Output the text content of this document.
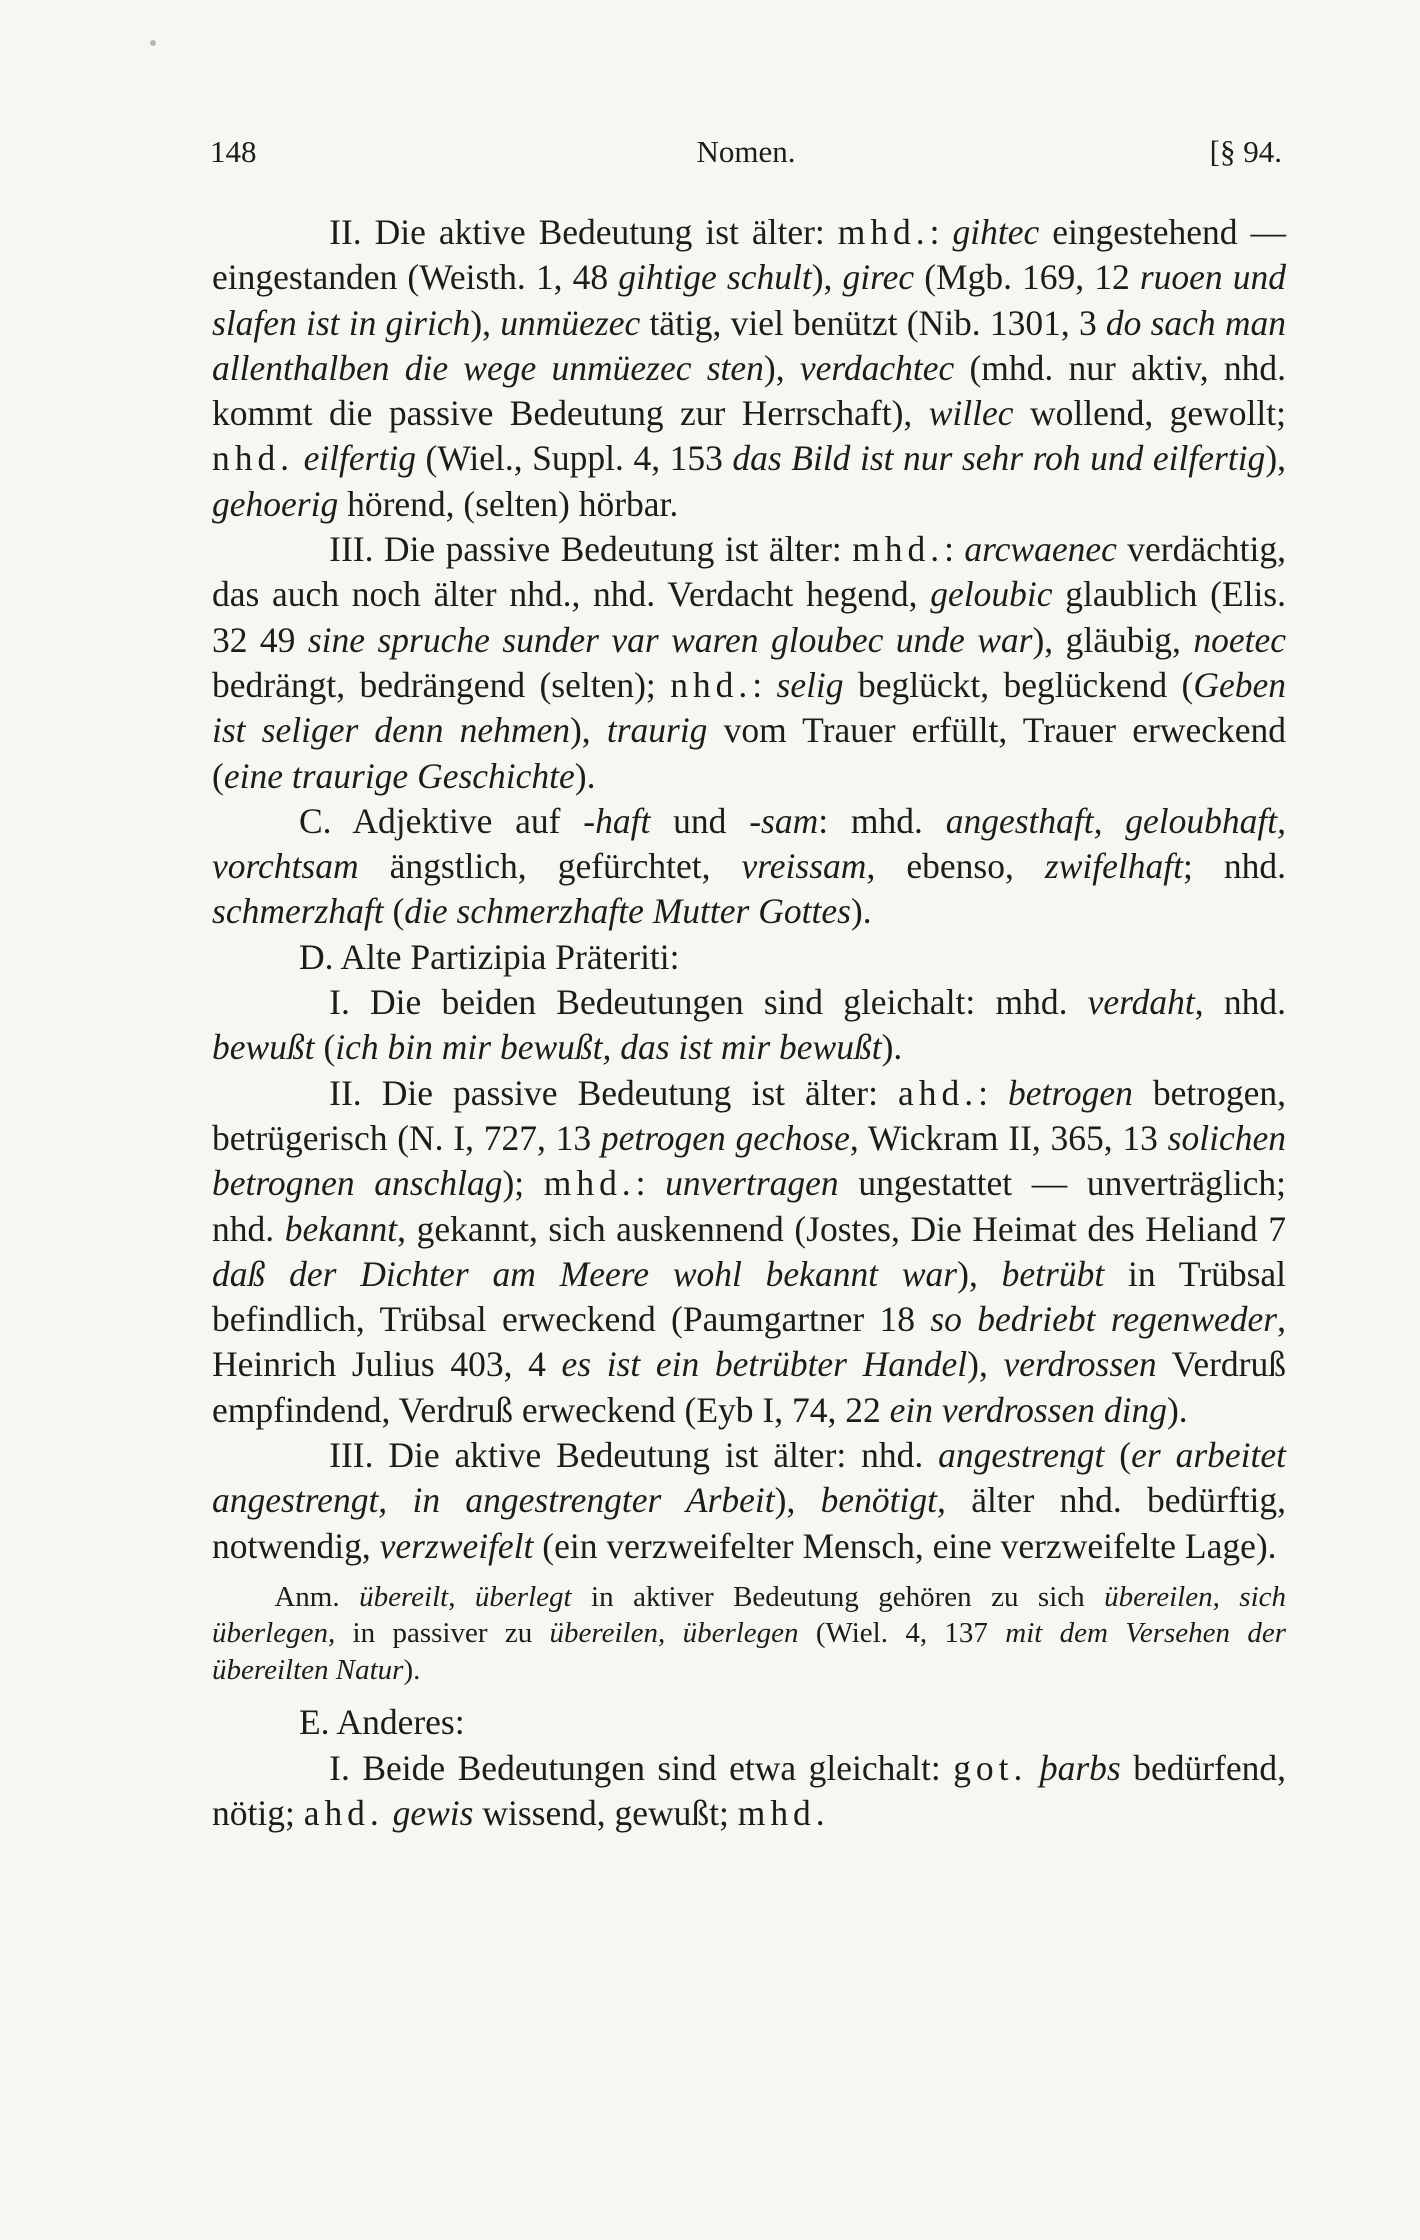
148	Nomen.	[§ 94.

II. Die aktive Bedeutung ist älter: mhd.: gihtec eingestehend —eingestanden (Weisth. 1, 48 gihtige schult), girec (Mgb. 169, 12 ruoen und slafen ist in girich), unmüezec tätig, viel benützt (Nib. 1301, 3 do sach man allenthalben die wege unmüezec sten), verdachtec (mhd. nur aktiv, nhd. kommt die passive Bedeutung zur Herrschaft), willec wollend, gewollt; nhd. eilfertig (Wiel., Suppl. 4, 153 das Bild ist nur sehr roh und eilfertig), gehoerig hörend, (selten) hörbar.

III. Die passive Bedeutung ist älter: mhd.: arcwaenec verdächtig, das auch noch älter nhd., nhd. Verdacht hegend, geloubic glaublich (Elis. 32 49 sine spruche sunder var waren gloubec unde war), gläubig, noetec bedrängt, bedrängend (selten); nhd.: selig beglückt, beglückend (Geben ist seliger denn nehmen), traurig vom Trauer erfüllt, Trauer erweckend (eine traurige Geschichte).

C. Adjektive auf -haft und -sam: mhd. angesthaft, geloubhaft, vorchtsam ängstlich, gefürchtet, vreissam, ebenso, zwifelhaft; nhd. schmerzhaft (die schmerzhafte Mutter Gottes).

D. Alte Partizipia Präteriti:

I. Die beiden Bedeutungen sind gleichalt: mhd. verdaht, nhd. bewußt (ich bin mir bewußt, das ist mir bewußt).

II. Die passive Bedeutung ist älter: ahd.: betrogen betrogen, betrügerisch (N. I, 727, 13 petrogen gechose, Wickram II, 365, 13 solichen betrognen anschlag); mhd.: unvertragen ungestattet — unverträglich; nhd. bekannt, gekannt, sich auskennend (Jostes, Die Heimat des Heliand 7 daß der Dichter am Meere wohl bekannt war), betrübt in Trübsal befindlich, Trübsal erweckend (Paumgartner 18 so bedriebt regenweder, Heinrich Julius 403, 4 es ist ein betrübter Handel), verdrossen Verdruß empfindend, Verdruß erweckend (Eyb I, 74, 22 ein verdrossen ding).

III. Die aktive Bedeutung ist älter: nhd. angestrengt (er arbeitet angestrengt, in angestrengter Arbeit), benötigt, älter nhd. bedürftig, notwendig, verzweifelt (ein verzweifelter Mensch, eine verzweifelte Lage).

Anm. übereilt, überlegt in aktiver Bedeutung gehören zu sich übereilen, sich überlegen, in passiver zu übereilen, überlegen (Wiel. 4, 137 mit dem Versehen der übereilten Natur).

E. Anderes:

I. Beide Bedeutungen sind etwa gleichalt: got. þarbs bedürfend, nötig; ahd. gewis wissend, gewußt; mhd.
